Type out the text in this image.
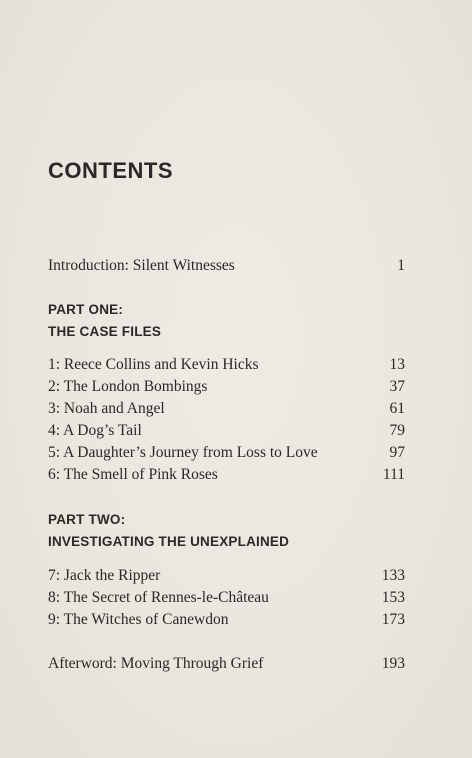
CONTENTS
Introduction: Silent Witnesses	1
PART ONE:
THE CASE FILES
1: Reece Collins and Kevin Hicks	13
2: The London Bombings	37
3: Noah and Angel	61
4: A Dog’s Tail	79
5: A Daughter’s Journey from Loss to Love	97
6: The Smell of Pink Roses	111
PART TWO:
INVESTIGATING THE UNEXPLAINED
7: Jack the Ripper	133
8: The Secret of Rennes-le-Château	153
9: The Witches of Canewdon	173
Afterword: Moving Through Grief	193
